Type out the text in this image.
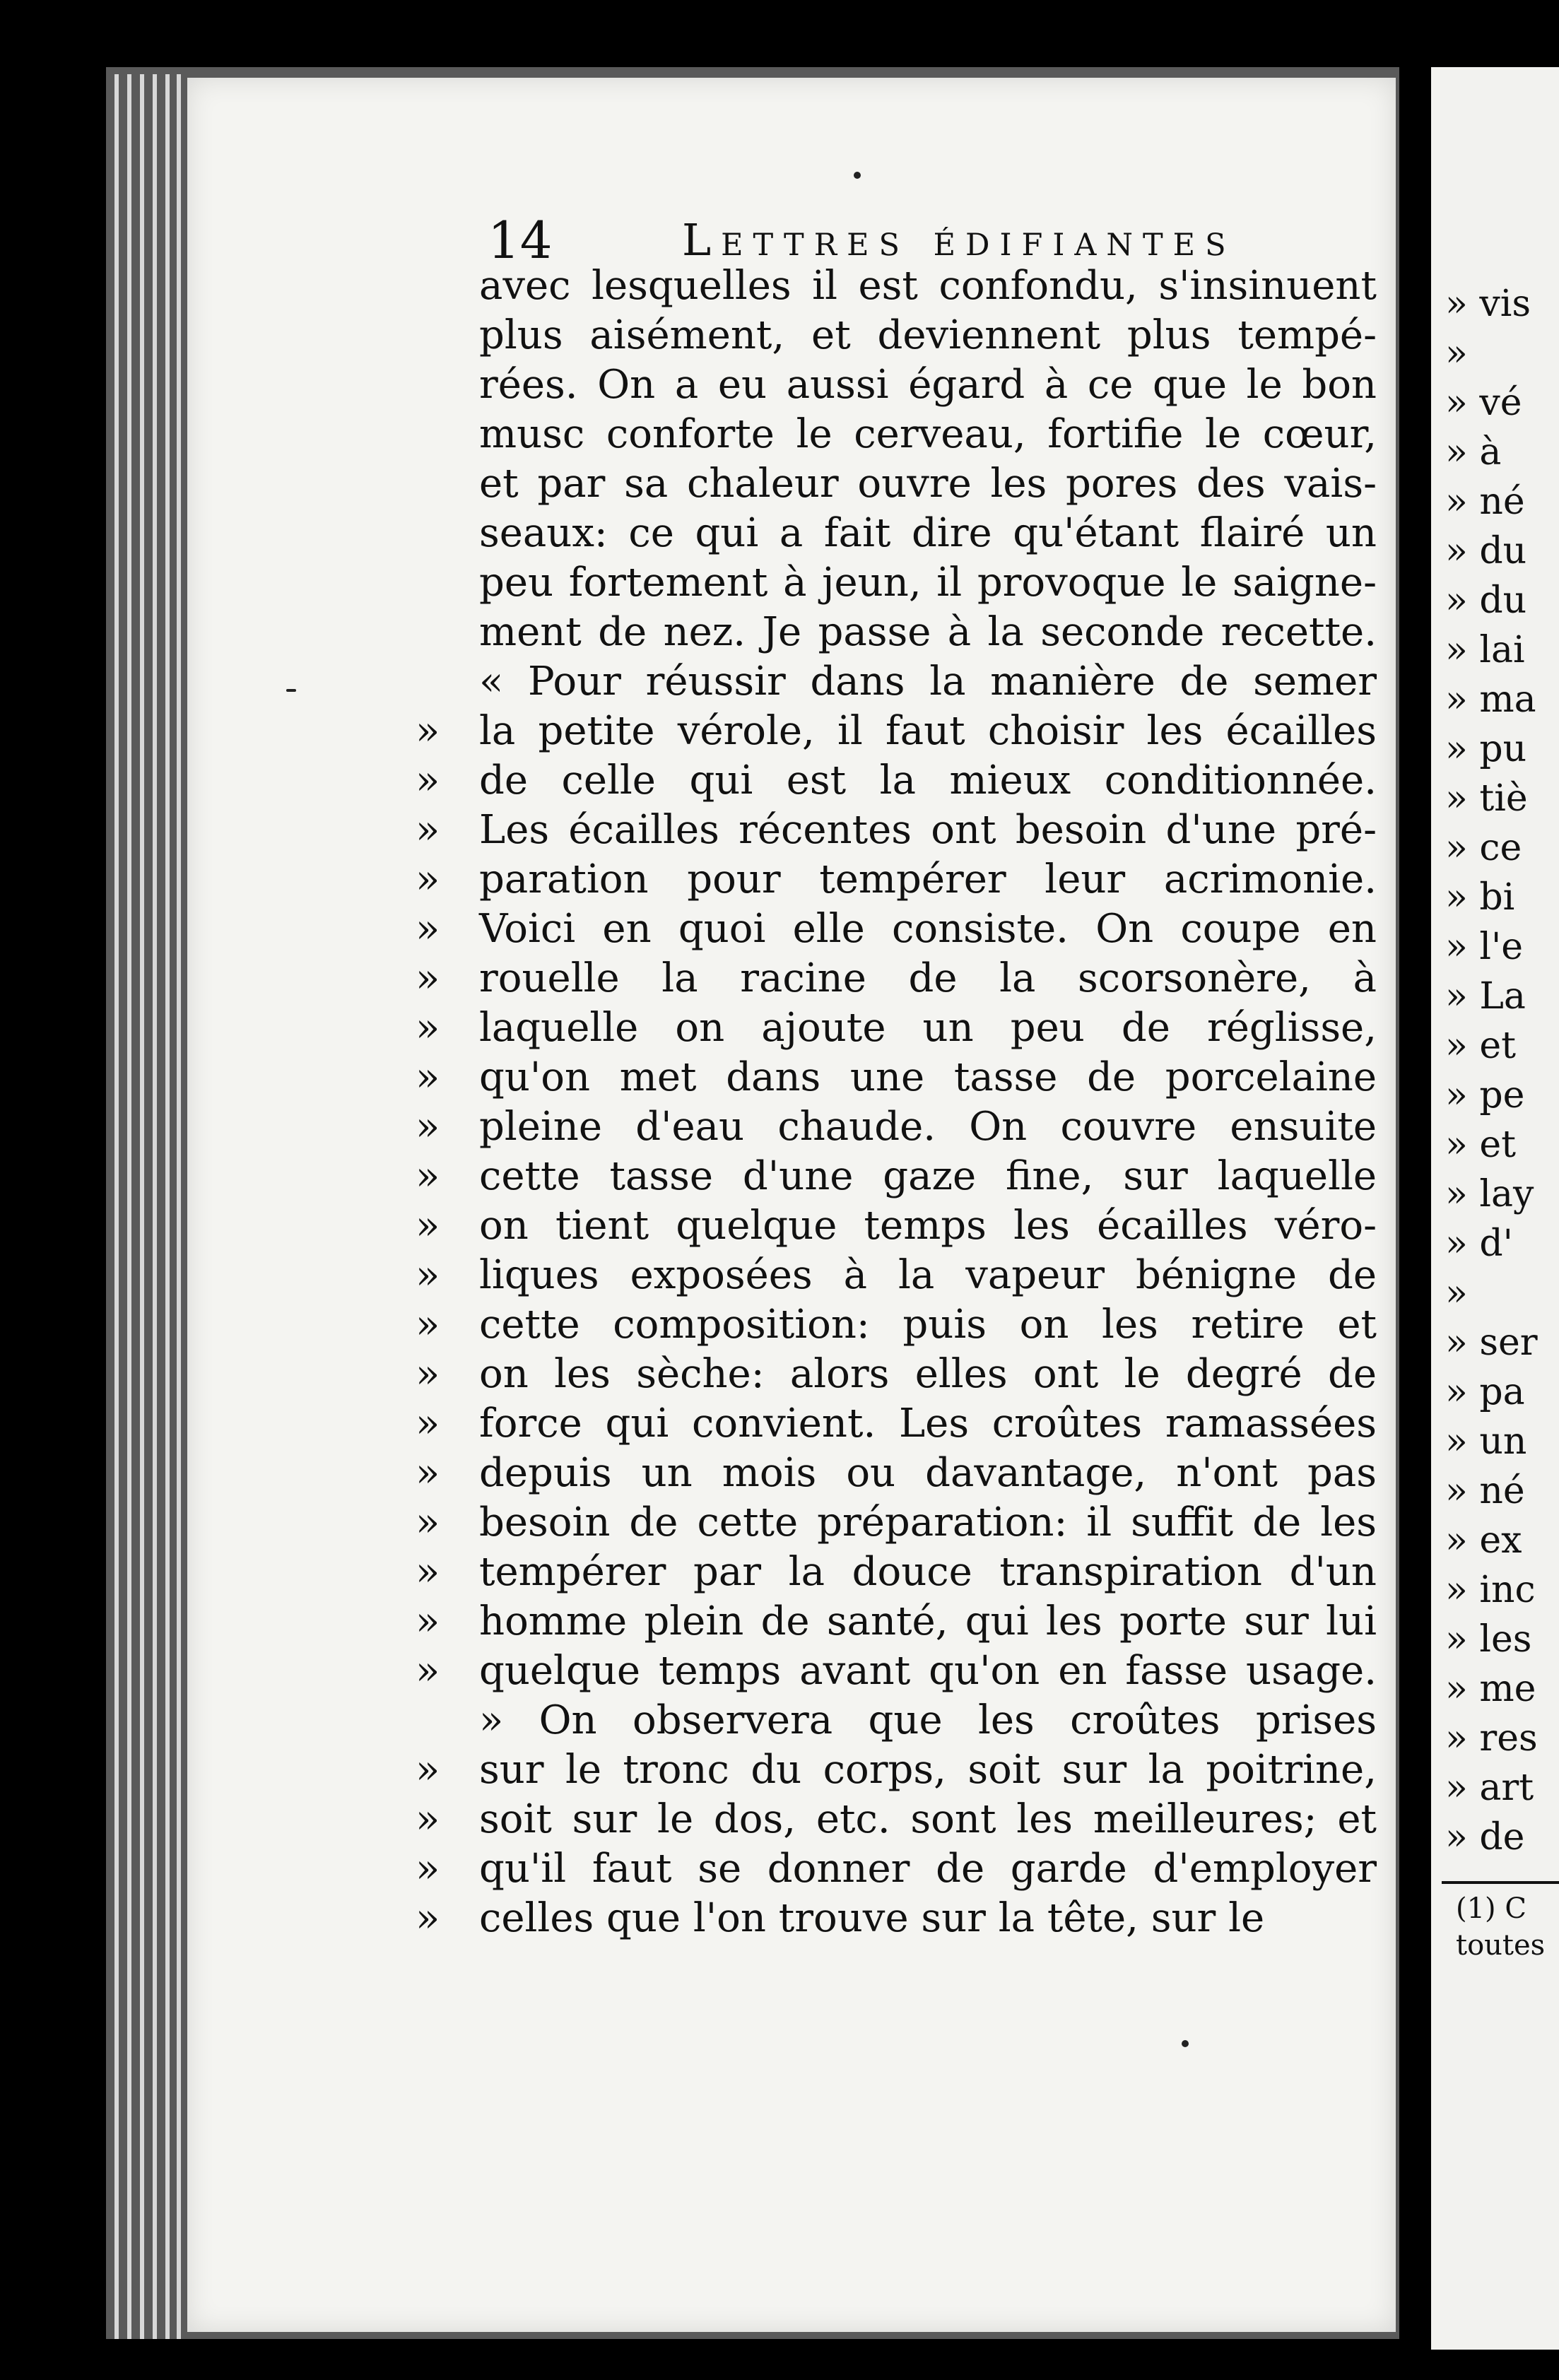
14	Lettres édifiantes
avec lesquelles il est confondu, s'insinuent
plus aisément, et deviennent plus tempé-
rées. On a eu aussi égard à ce que le bon
musc conforte le cerveau, fortifie le cœur,
et par sa chaleur ouvre les pores des vais-
seaux: ce qui a fait dire qu'étant flairé un
peu fortement à jeun, il provoque le saigne-
ment de nez. Je passe à la seconde recette.
« Pour réussir dans la manière de semer
» la petite vérole, il faut choisir les écailles
» de celle qui est la mieux conditionnée.
» Les écailles récentes ont besoin d'une pré-
» paration pour tempérer leur acrimonie.
» Voici en quoi elle consiste. On coupe en
» rouelle la racine de la scorsonère, à
» laquelle on ajoute un peu de réglisse,
» qu'on met dans une tasse de porcelaine
» pleine d'eau chaude. On couvre ensuite
» cette tasse d'une gaze fine, sur laquelle
» on tient quelque temps les écailles véro-
» liques exposées à la vapeur bénigne de
» cette composition: puis on les retire et
» on les sèche: alors elles ont le degré de
» force qui convient. Les croûtes ramassées
» depuis un mois ou davantage, n'ont pas
» besoin de cette préparation: il suffit de les
» tempérer par la douce transpiration d'un
» homme plein de santé, qui les porte sur lui
» quelque temps avant qu'on en fasse usage.
» On observera que les croûtes prises
» sur le tronc du corps, soit sur la poitrine,
» soit sur le dos, etc. sont les meilleures; et
» qu'il faut se donner de garde d'employer
» celles que l'on trouve sur la tête, sur le
» vis
»
» vé
» à
» né
» du
» du
» lai
» ma
» pu
» tiè
» ce
» bi
» l'e
» La
» et
» pe
» et
» lay
» d'
»
» ser
» pa
» un
» né
» ex
» inc
» les
» me
» res
» art
» de
(1) C
toutes
